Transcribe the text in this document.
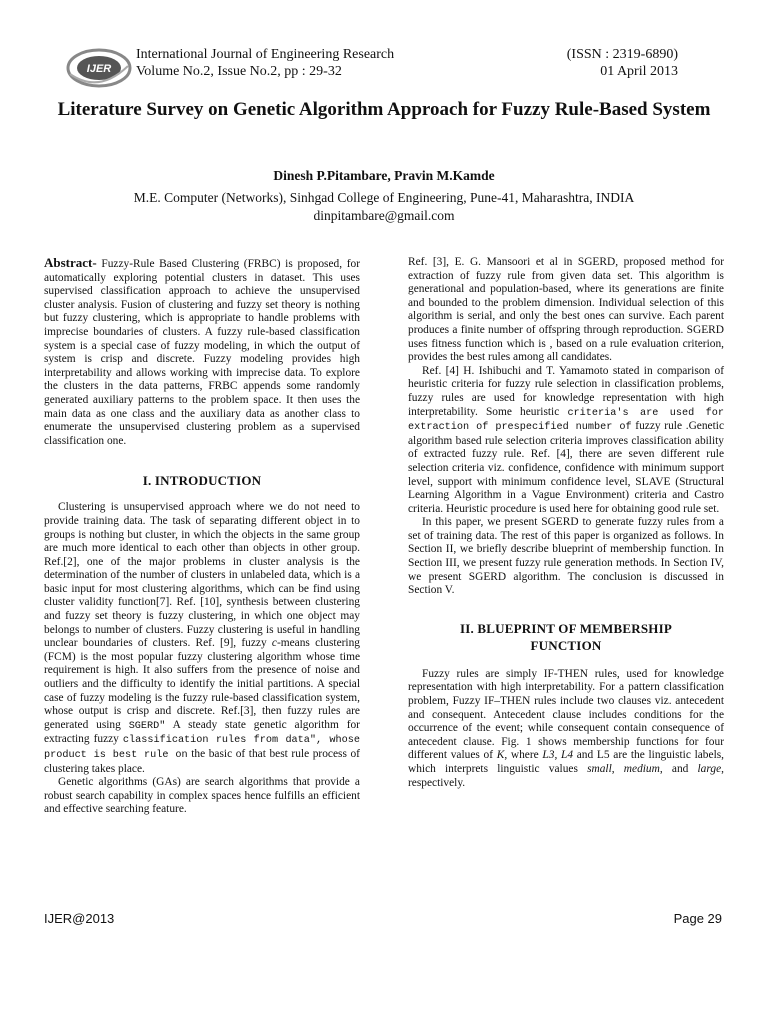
IJER
International Journal of Engineering Research
Volume No.2, Issue No.2, pp : 29-32
(ISSN : 2319-6890)
01 April 2013
Literature Survey on Genetic Algorithm Approach for Fuzzy Rule-Based System
Dinesh P.Pitambare, Pravin M.Kamde
M.E. Computer (Networks), Sinhgad College of Engineering, Pune-41, Maharashtra, INDIA
dinpitambare@gmail.com

Abstract- Fuzzy-Rule Based Clustering (FRBC) is proposed, for automatically exploring potential clusters in dataset. This uses supervised classification approach to achieve the unsupervised cluster analysis. Fusion of clustering and fuzzy set theory is nothing but fuzzy clustering, which is appropriate to handle problems with imprecise boundaries of clusters. A fuzzy rule-based classification system is a special case of fuzzy modeling, in which the output of system is crisp and discrete. Fuzzy modeling provides high interpretability and allows working with imprecise data. To explore the clusters in the data patterns, FRBC appends some randomly generated auxiliary patterns to the problem space. It then uses the main data as one class and the auxiliary data as another class to enumerate the unsupervised clustering problem as a supervised classification one.

I. INTRODUCTION

Clustering is unsupervised approach where we do not need to provide training data. The task of separating different object in to groups is nothing but cluster, in which the objects in the same group are much more identical to each other than objects in other group. Ref.[2], one of the major problems in cluster analysis is the determination of the number of clusters in unlabeled data, which is a basic input for most clustering algorithms, which can be find using cluster validity function[7]. Ref. [10], synthesis between clustering and fuzzy set theory is fuzzy clustering, in which one object may belongs to number of clusters. Fuzzy clustering is useful in handling unclear boundaries of clusters. Ref. [9], fuzzy c-means clustering (FCM) is the most popular fuzzy clustering algorithm whose time requirement is high. It also suffers from the presence of noise and outliers and the difficulty to identify the initial partitions. A special case of fuzzy modeling is the fuzzy rule-based classification system, whose output is crisp and discrete. Ref.[3], then fuzzy rules are generated using SGERD" A steady state genetic algorithm for extracting fuzzy classification rules from data", whose product is best rule on the basic of that best rule process of clustering takes place.

Genetic algorithms (GAs) are search algorithms that provide a robust search capability in complex spaces hence fulfills an efficient and effective searching feature.

Ref. [3], E. G. Mansoori et al in SGERD, proposed method for extraction of fuzzy rule from given data set. This algorithm is generational and population-based, where its generations are finite and bounded to the problem dimension. Individual selection of this algorithm is serial, and only the best ones can survive. Each parent produces a finite number of offspring through reproduction. SGERD uses fitness function which is , based on a rule evaluation criterion, provides the best rules among all candidates.

Ref. [4] H. Ishibuchi and T. Yamamoto stated in comparison of heuristic criteria for fuzzy rule selection in classification problems, fuzzy rules are used for knowledge representation with high interpretability. Some heuristic criteria's are used for extraction of prespecified number of fuzzy rule .Genetic algorithm based rule selection criteria improves classification ability of extracted fuzzy rule. Ref. [4], there are seven different rule selection criteria viz. confidence, confidence with minimum support level, support with minimum confidence level, SLAVE (Structural Learning Algorithm in a Vague Environment) criteria and Castro criteria. Heuristic procedure is used here for obtaining good rule set.

In this paper, we present SGERD to generate fuzzy rules from a set of training data. The rest of this paper is organized as follows. In Section II, we briefly describe blueprint of membership function. In Section III, we present fuzzy rule generation methods. In Section IV, we present SGERD algorithm. The conclusion is discussed in Section V.

II. BLUEPRINT OF MEMBERSHIP

FUNCTION

Fuzzy rules are simply IF-THEN rules, used for knowledge representation with high interpretability. For a pattern classification problem, Fuzzy IF–THEN rules include two clauses viz. antecedent and consequent. Antecedent clause includes conditions for the occurrence of the event; while consequent contain consequence of antecedent clause. Fig. 1 shows membership functions for four different values of K, where L3, L4 and L5 are the linguistic labels, which interprets linguistic values small, medium, and large, respectively.

IJER@2013	Page 29
